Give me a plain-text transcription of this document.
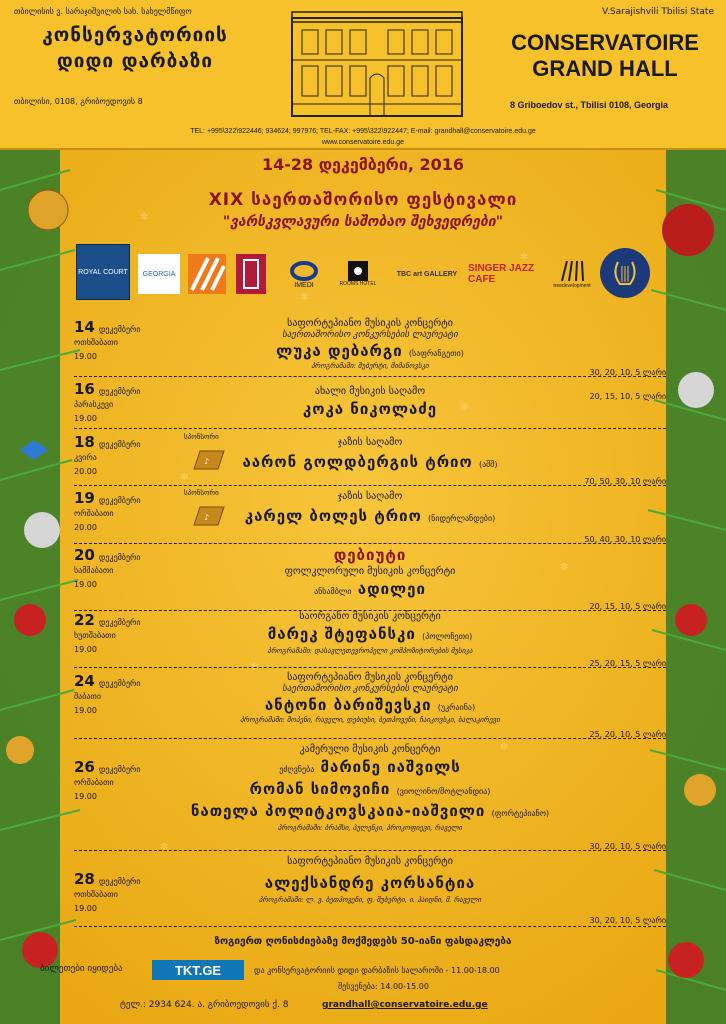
თბილისის ვ. სარაჯიშვილის სახ. სახელმწიფო
კონსერვატორიის
დიდი დარბაზი
თბილისი, 0108, გრიბოედოვის 8
V.Sarajishvili Tbilisi State
CONSERVATOIRE
GRAND HALL
8 Griboedov st., Tbilisi 0108, Georgia
TEL: +995\322\922446; 934624; 997976; TEL-FAX: +995\322\922447; E-mail: grandhall@conservatoire.edu.ge
www.conservatoire.edu.ge
✻
✻
✻
✻
✻
✻
✻
✻
✻
14-28 დეკემბერი, 2016
XIX საერთაშორისო ფესტივალი
"ვარსკვლავური საშობაო შეხვედრები"
ROYAL COURT GEORGIA
IMEDI	ROOMS HOTEL
TBC art GALLERY SINGER JAZZ CAFE
treedevelopment
14 დეკემბერი
ოთხშაბათი
19.00
საფორტეპიანო მუსიკის კონცერტი
საერთაშორისო კონკურსების ლაურეატი
ლუკა დებარგი (საფრანგეთი)
პროგრამაში: შუბერტი, შიმანოვსკი
30, 20, 10, 5 ლარი
16 დეკემბერი
პარასკევი
19.00
ახალი მუსიკის საღამო
კოკა ნიკოლაძე
20, 15, 10, 5 ლარი
18 დეკემბერი
კვირა
20.00
სპონსორი
♪
ჯაზის საღამო
აარონ გოლდბერგის ტრიო (აშშ)
70, 50, 30, 10 ლარი
19 დეკემბერი
ორშაბათი
20.00
სპონსორი
♪
ჯაზის საღამო
კარელ ბოლეს ტრიო (ნიდერლანდები)
50, 40, 30, 10 ლარი
20 დეკემბერი
სამშაბათი
19.00
დებიუტი
ფოლკლორული მუსიკის კონცერტი
ანსამბლი ადილეი
20, 15, 10, 5 ლარი
22 დეკემბერი
ხუთშაბათი
19.00
საორგანო მუსიკის კონცერტი
მარეკ შტეფანსკი (პოლონეთი)
პროგრამაში: დასავლეთევროპელი კომპოზიტორების მუსიკა
25, 20, 15, 5 ლარი
24 დეკემბერი
შაბათი
19.00
საფორტეპიანო მუსიკის კონცერტი
საერთაშორისო კონკურსების ლაურეატი
ანტონი ბარიშევსკი (უკრაინა)
პროგრამაში: შოპენი, რაველი, დებიუსი, ბეთჰოვენი, ჩაიკოვსკი, ბალაკირევი
25, 20, 10, 5 ლარი
26 დეკემბერი
ორშაბათი
19.00
კამერული მუსიკის კონცერტი
ეძღვნება მარინე იაშვილს
რომან სიმოვიჩი (ვიოლინო/შოტლანდია)
ნათელა პოლიტკოვსკაია-იაშვილი (ფორტეპიანო)
პროგრამაში: ბრამსი, პულენკი, პროკოფიევი, რაველი
30, 20, 10, 5 ლარი
28 დეკემბერი
ოთხშაბათი
19.00
საფორტეპიანო მუსიკის კონცერტი
ალექსანდრე კორსანტია
პროგრამაში: ლ. ვ. ბეთჰოვენი, ფ. შუბერტი, ი. ჰაიდნი, მ. რაველი
30, 20, 10, 5 ლარი
ზოგიერთ ღონისძიებაზე მოქმედებს 50-იანი ფასდაკლება
ბილეთები იყიდება	TKT.GE	და კონსერვატორიის დიდი დარბაზის სალაროში - 11.00-18.00
შესვენება: 14.00-15.00
ტელ.: 2934 624. ა. გრიბოედოვის ქ. 8	grandhall@conservatoire.edu.ge
